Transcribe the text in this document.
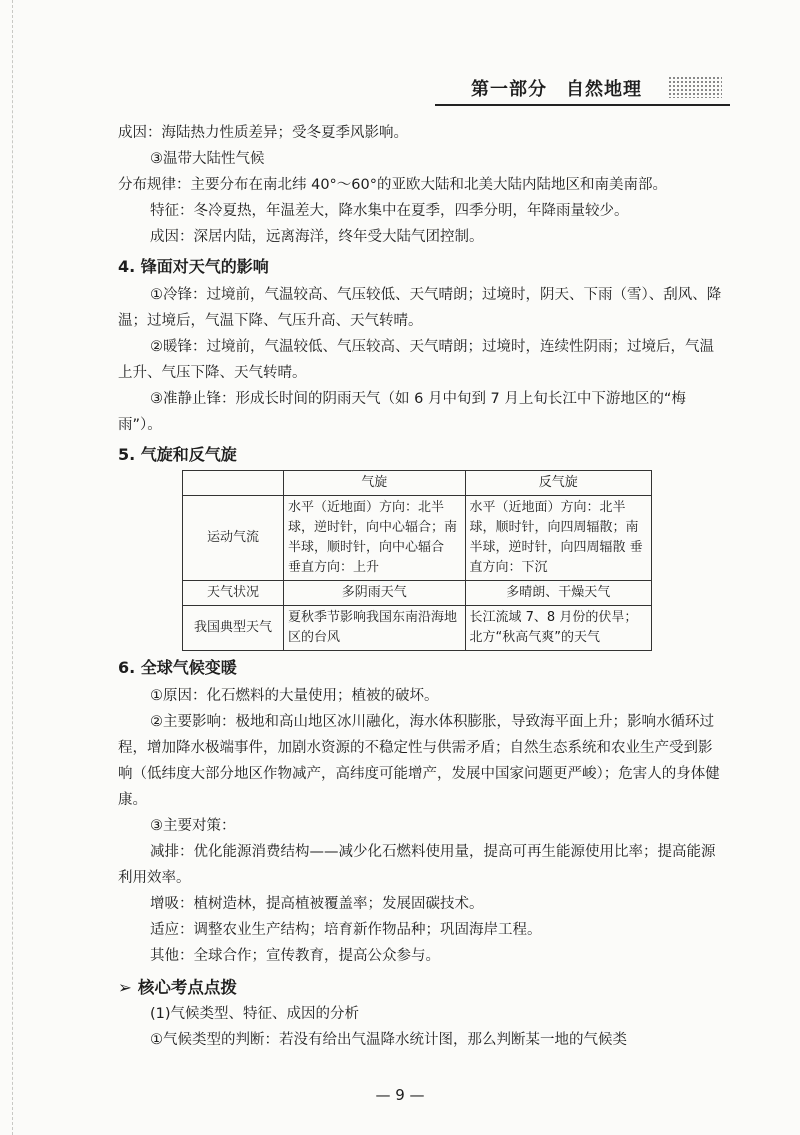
第一部分　自然地理

成因：海陆热力性质差异；受冬夏季风影响。

③温带大陆性气候

分布规律：主要分布在南北纬 40°～60°的亚欧大陆和北美大陆内陆地区和南美南部。

特征：冬冷夏热，年温差大，降水集中在夏季，四季分明，年降雨量较少。

成因：深居内陆，远离海洋，终年受大陆气团控制。

4. 锋面对天气的影响

①冷锋：过境前，气温较高、气压较低、天气晴朗；过境时，阴天、下雨（雪）、刮风、降温；过境后，气温下降、气压升高、天气转晴。

②暖锋：过境前，气温较低、气压较高、天气晴朗；过境时，连续性阴雨；过境后，气温上升、气压下降、天气转晴。

③准静止锋：形成长时间的阴雨天气（如 6 月中旬到 7 月上旬长江中下游地区的“梅雨”）。

5. 气旋和反气旋

	气旋	反气旋
运动气流	水平（近地面）方向：北半球，逆时针，向中心辐合；南半球，顺时针，向中心辐合 垂直方向：上升	水平（近地面）方向：北半球，顺时针，向四周辐散；南半球，逆时针，向四周辐散 垂直方向：下沉
天气状况	多阴雨天气	多晴朗、干燥天气
我国典型天气	夏秋季节影响我国东南沿海地区的台风	长江流域 7、8 月份的伏旱；北方“秋高气爽”的天气

6. 全球气候变暖

①原因：化石燃料的大量使用；植被的破坏。

②主要影响：极地和高山地区冰川融化，海水体积膨胀，导致海平面上升；影响水循环过程，增加降水极端事件，加剧水资源的不稳定性与供需矛盾；自然生态系统和农业生产受到影响（低纬度大部分地区作物减产，高纬度可能增产，发展中国家问题更严峻）；危害人的身体健康。

③主要对策：

减排：优化能源消费结构——减少化石燃料使用量，提高可再生能源使用比率；提高能源利用效率。

增吸：植树造林，提高植被覆盖率；发展固碳技术。

适应：调整农业生产结构；培育新作物品种；巩固海岸工程。

其他：全球合作；宣传教育，提高公众参与。

➢ 核心考点点拨

(1)气候类型、特征、成因的分析

①气候类型的判断：若没有给出气温降水统计图，那么判断某一地的气候类

— 9 —
